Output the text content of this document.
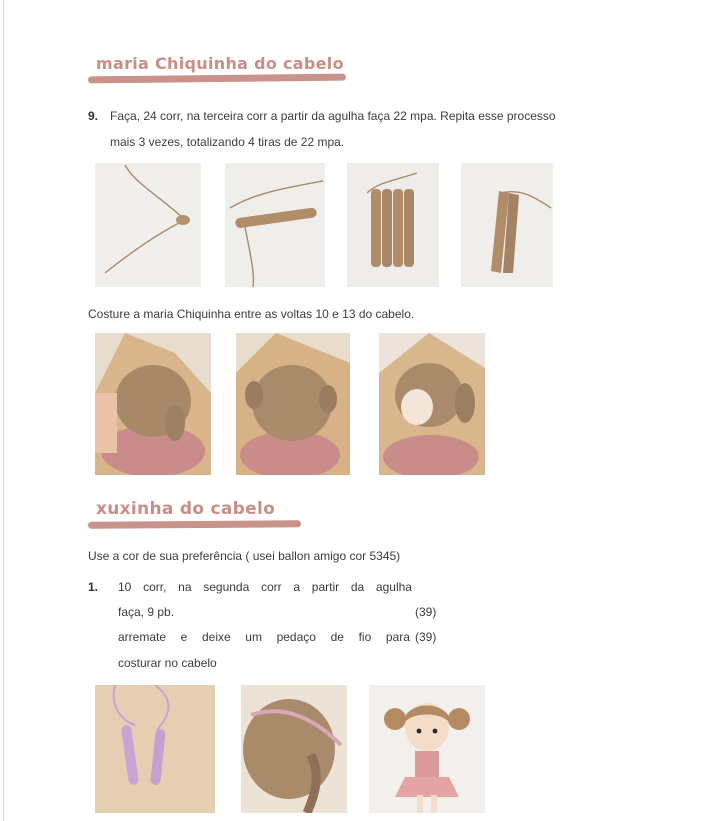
maria Chiquinha do cabelo
9. Faça, 24 corr, na terceira corr a partir da agulha faça 22 mpa. Repita esse processo
mais 3 vezes, totalizando 4 tiras de 22 mpa.
Costure a maria Chiquinha entre as voltas 10 e 13 do cabelo.
xuxinha do cabelo
Use a cor de sua preferência ( usei ballon amigo cor 5345)
1. 10 corr, na segunda corr a partir da agulha
faça, 9 pb.	(39)
arremate e deixe um pedaço de fio para (39)
costurar no cabelo
